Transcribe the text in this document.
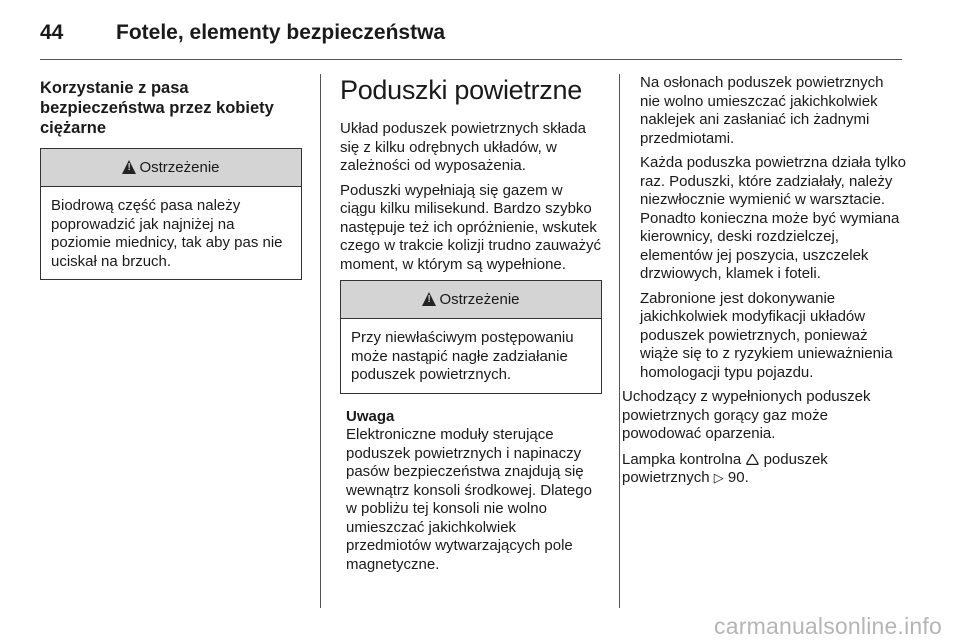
44	Fotele, elementy bezpieczeństwa
Korzystanie z pasa bezpieczeństwa przez kobiety ciężarne
!
Ostrzeżenie
Biodrową część pasa należy poprowadzić jak najniżej na poziomie miednicy, tak aby pas nie uciskał na brzuch.
Poduszki powietrzne

Układ poduszek powietrznych składa się z kilku odrębnych układów, w zależności od wyposażenia.

Poduszki wypełniają się gazem w ciągu kilku milisekund. Bardzo szybko następuje też ich opróżnienie, wskutek czego w trakcie kolizji trudno zauważyć moment, w którym są wypełnione.

!
Ostrzeżenie
Przy niewłaściwym postępowaniu może nastąpić nagłe zadziałanie poduszek powietrznych.
Uwaga
Elektroniczne moduły sterujące poduszek powietrznych i napinaczy pasów bezpieczeństwa znajdują się wewnątrz konsoli środkowej. Dlatego w pobliżu tej konsoli nie wolno umieszczać jakichkolwiek przedmiotów wytwarzających pole magnetyczne.

Na osłonach poduszek powietrznych nie wolno umieszczać jakichkolwiek naklejek ani zasłaniać ich żadnymi przedmiotami.

Każda poduszka powietrzna działa tylko raz. Poduszki, które zadziałały, należy niezwłocznie wymienić w warsztacie. Ponadto konieczna może być wymiana kierownicy, deski rozdzielczej, elementów jej poszycia, uszczelek drzwiowych, klamek i foteli.

Zabronione jest dokonywanie jakichkolwiek modyfikacji układów poduszek powietrznych, ponieważ wiąże się to z ryzykiem unieważnienia homologacji typu pojazdu.

Uchodzący z wypełnionych poduszek powietrznych gorący gaz może powodować oparzenia.

Lampka kontrolna 🛆 poduszek powietrznych ▷ 90.

carmanualsonline.info
